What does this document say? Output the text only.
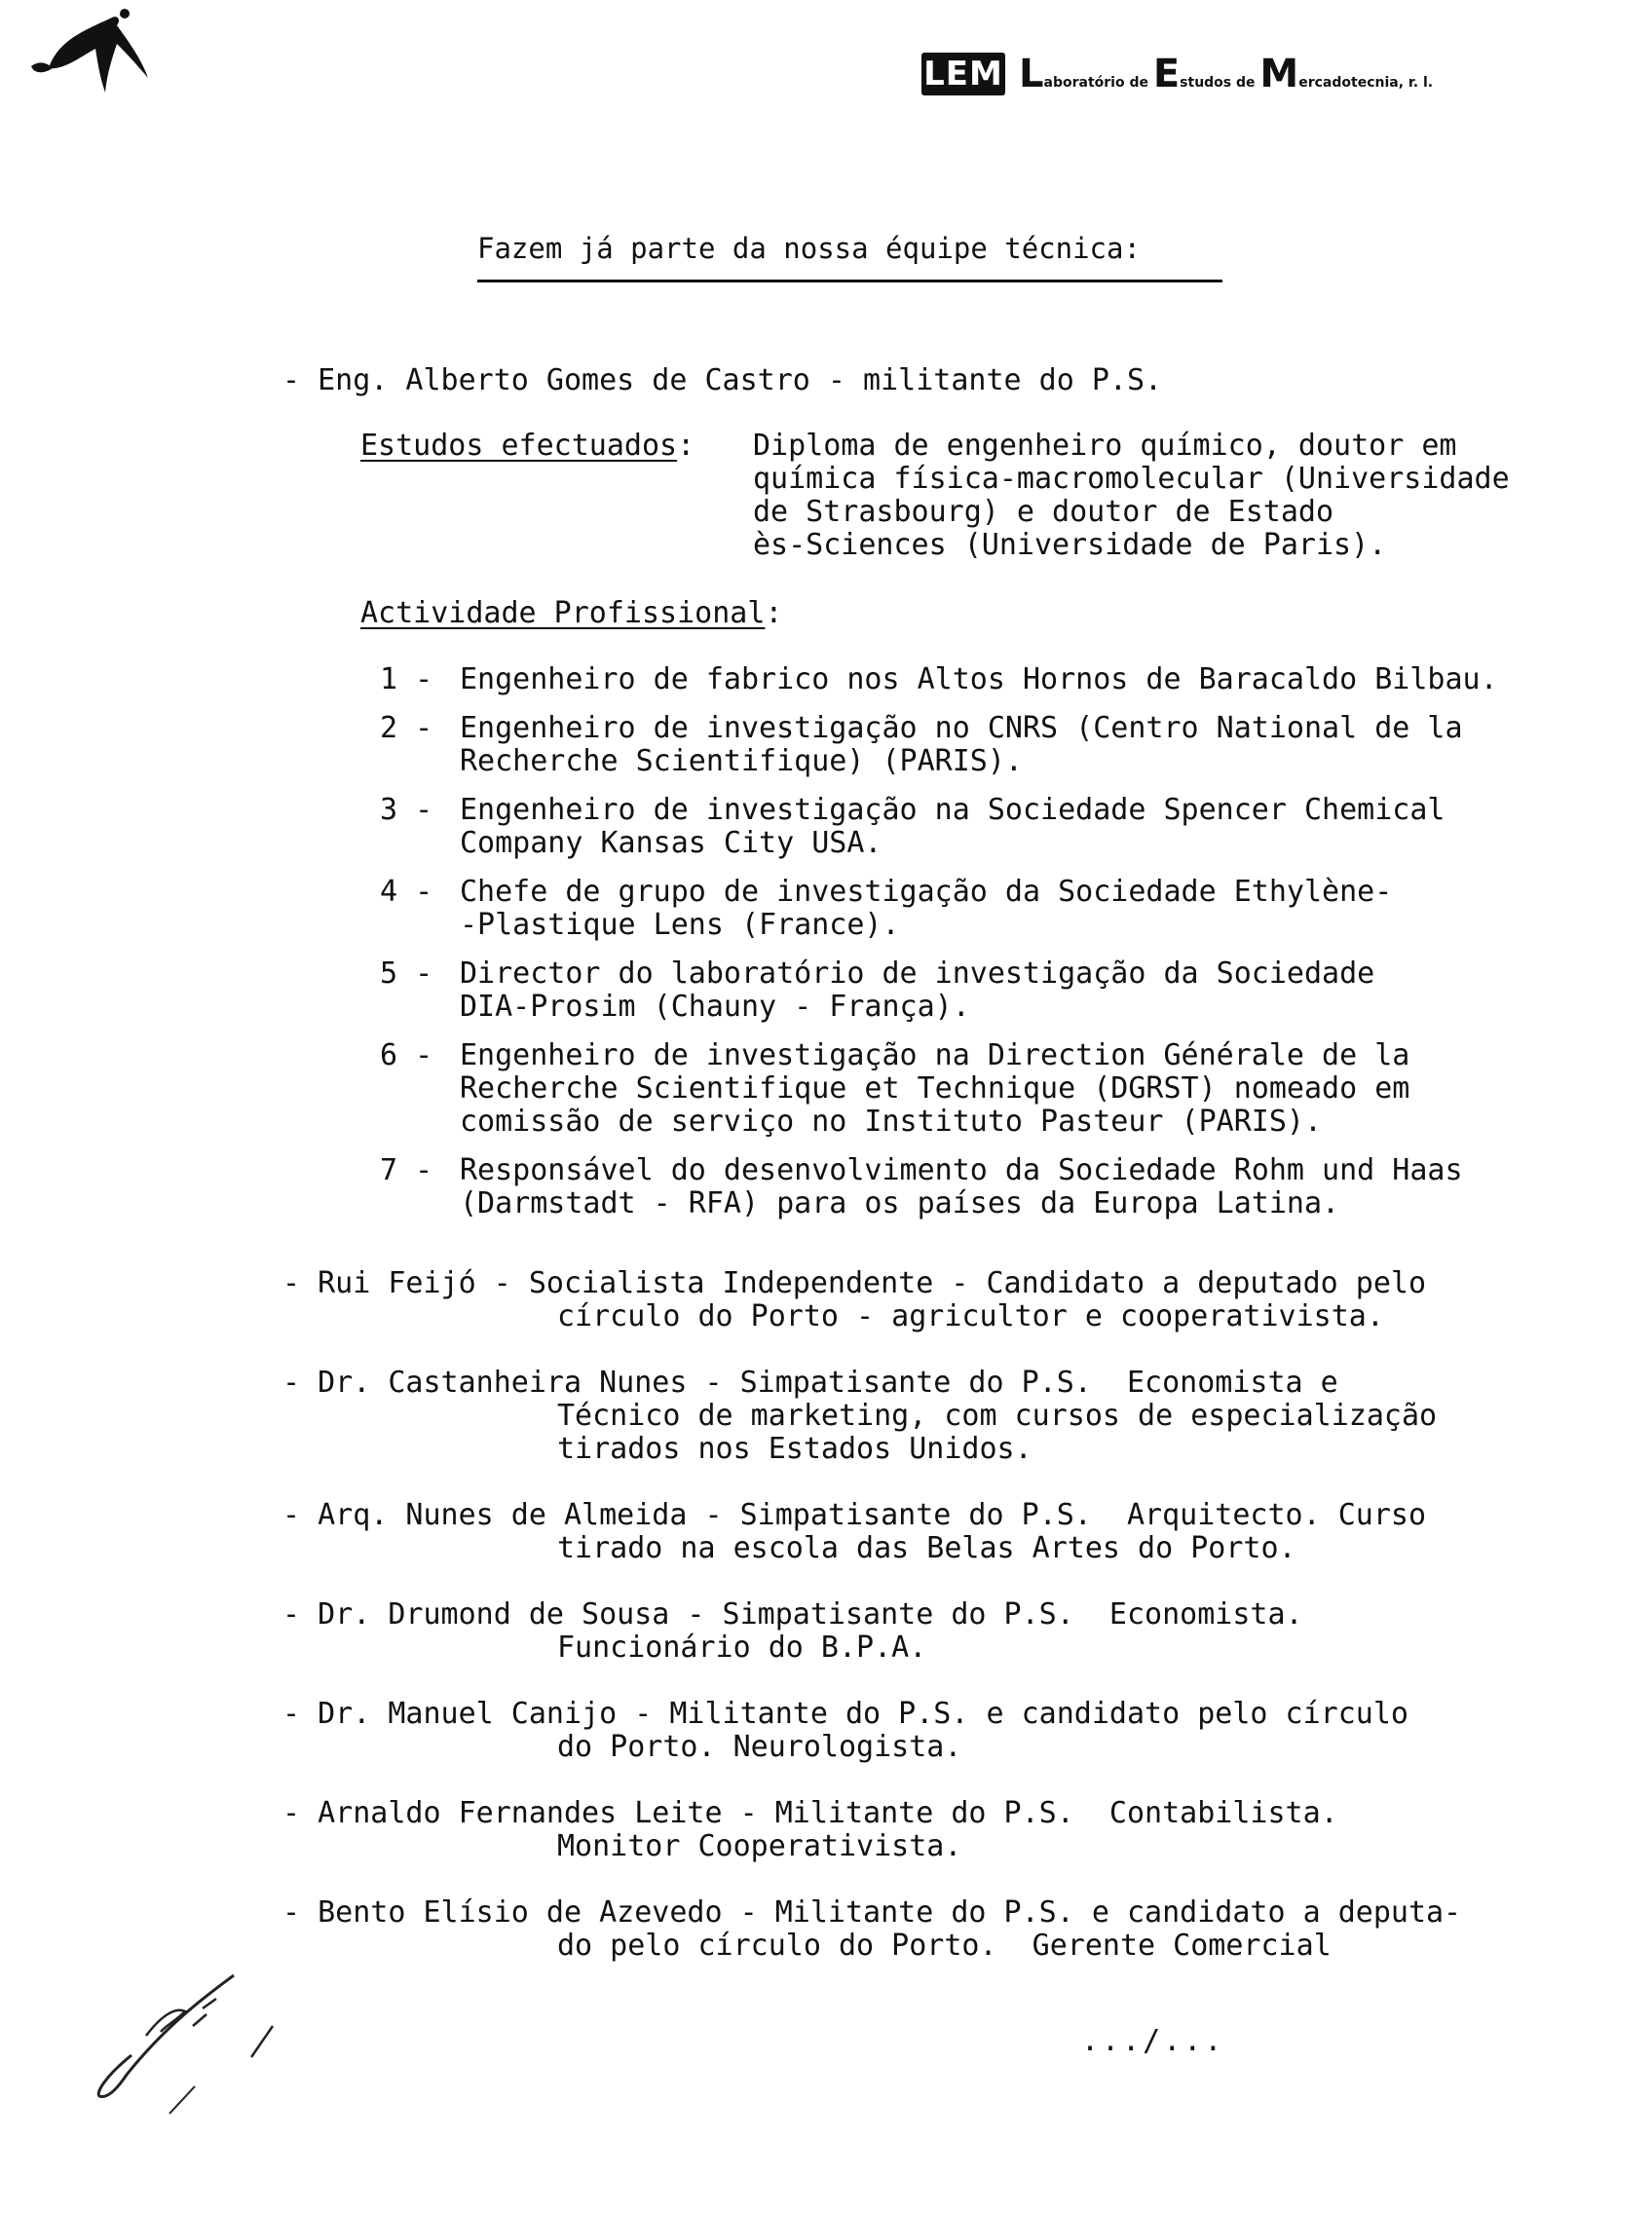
LEM Laboratório de Estudos de Mercadotecnia, r. l.
Fazem já parte da nossa équipe técnica:
- Eng. Alberto Gomes de Castro - militante do P.S.
Estudos efectuados: Diploma de engenheiro químico, doutor em
química física-macromolecular (Universidade
de Strasbourg) e doutor de Estado
ès-Sciences (Universidade de Paris).
Actividade Profissional:
1 - Engenheiro de fabrico nos Altos Hornos de Baracaldo Bilbau.
2 - Engenheiro de investigação no CNRS (Centro National de la
Recherche Scientifique) (PARIS).
3 - Engenheiro de investigação na Sociedade Spencer Chemical
Company Kansas City USA.
4 - Chefe de grupo de investigação da Sociedade Ethylène-
-Plastique Lens (France).
5 - Director do laboratório de investigação da Sociedade
DIA-Prosim (Chauny - França).
6 - Engenheiro de investigação na Direction Générale de la
Recherche Scientifique et Technique (DGRST) nomeado em
comissão de serviço no Instituto Pasteur (PARIS).
7 - Responsável do desenvolvimento da Sociedade Rohm und Haas
(Darmstadt - RFA) para os países da Europa Latina.
- Rui Feijó - Socialista Independente - Candidato a deputado pelo
círculo do Porto - agricultor e cooperativista.
- Dr. Castanheira Nunes - Simpatisante do P.S.  Economista e
Técnico de marketing, com cursos de especialização
tirados nos Estados Unidos.
- Arq. Nunes de Almeida - Simpatisante do P.S.  Arquitecto. Curso
tirado na escola das Belas Artes do Porto.
- Dr. Drumond de Sousa - Simpatisante do P.S.  Economista.
Funcionário do B.P.A.
- Dr. Manuel Canijo - Militante do P.S. e candidato pelo círculo
do Porto. Neurologista.
- Arnaldo Fernandes Leite - Militante do P.S.  Contabilista.
Monitor Cooperativista.
- Bento Elísio de Azevedo - Militante do P.S. e candidato a deputa-
do pelo círculo do Porto.  Gerente Comercial
.../...
